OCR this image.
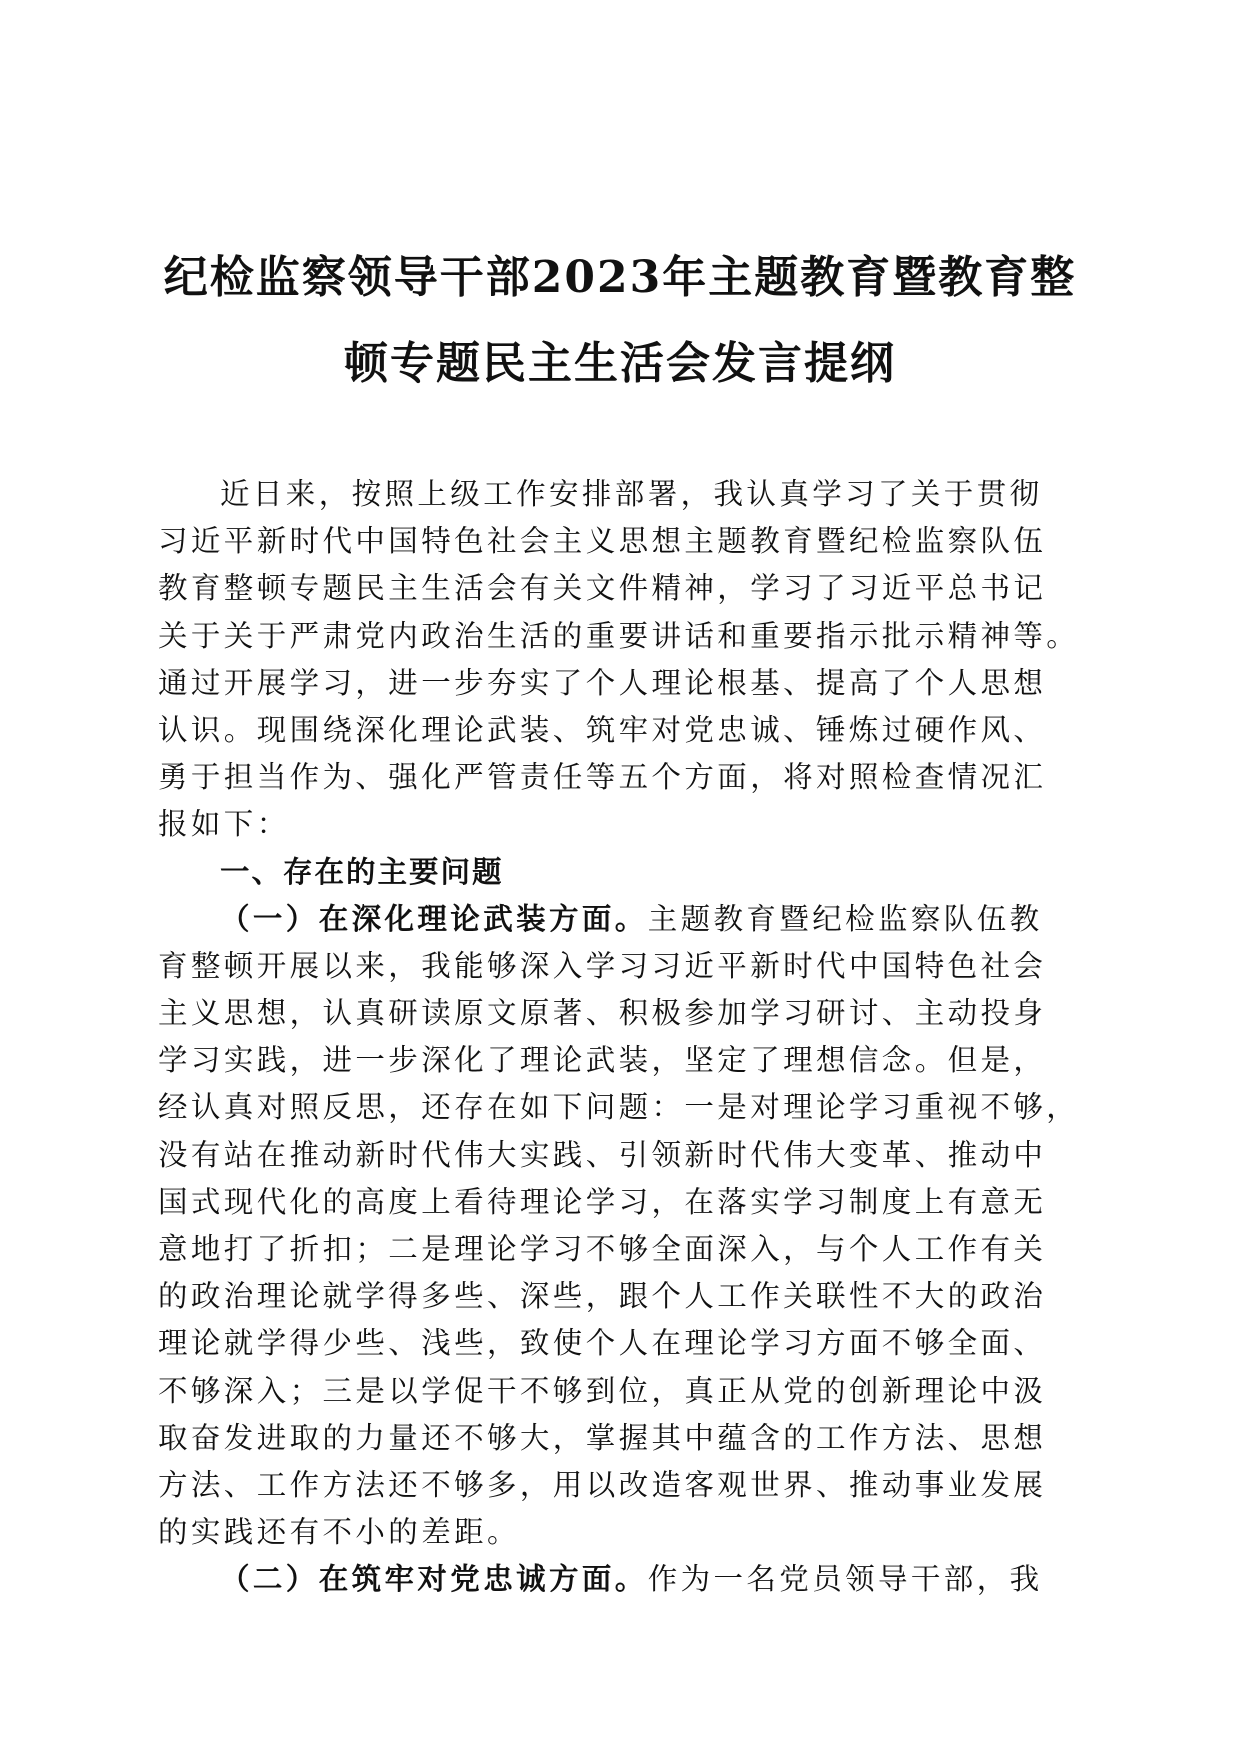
纪检监察领导干部2023年主题教育暨教育整
顿专题民主生活会发言提纲
近日来，按照上级工作安排部署，我认真学习了关于贯彻
习近平新时代中国特色社会主义思想主题教育暨纪检监察队伍
教育整顿专题民主生活会有关文件精神，学习了习近平总书记
关于关于严肃党内政治生活的重要讲话和重要指示批示精神等。
通过开展学习，进一步夯实了个人理论根基、提高了个人思想
认识。现围绕深化理论武装、筑牢对党忠诚、锤炼过硬作风、
勇于担当作为、强化严管责任等五个方面，将对照检查情况汇
报如下：
一、存在的主要问题
（一）在深化理论武装方面。主题教育暨纪检监察队伍教
育整顿开展以来，我能够深入学习习近平新时代中国特色社会
主义思想，认真研读原文原著、积极参加学习研讨、主动投身
学习实践，进一步深化了理论武装，坚定了理想信念。但是，
经认真对照反思，还存在如下问题：一是对理论学习重视不够，
没有站在推动新时代伟大实践、引领新时代伟大变革、推动中
国式现代化的高度上看待理论学习，在落实学习制度上有意无
意地打了折扣；二是理论学习不够全面深入，与个人工作有关
的政治理论就学得多些、深些，跟个人工作关联性不大的政治
理论就学得少些、浅些，致使个人在理论学习方面不够全面、
不够深入；三是以学促干不够到位，真正从党的创新理论中汲
取奋发进取的力量还不够大，掌握其中蕴含的工作方法、思想
方法、工作方法还不够多，用以改造客观世界、推动事业发展
的实践还有不小的差距。
（二）在筑牢对党忠诚方面。作为一名党员领导干部，我
